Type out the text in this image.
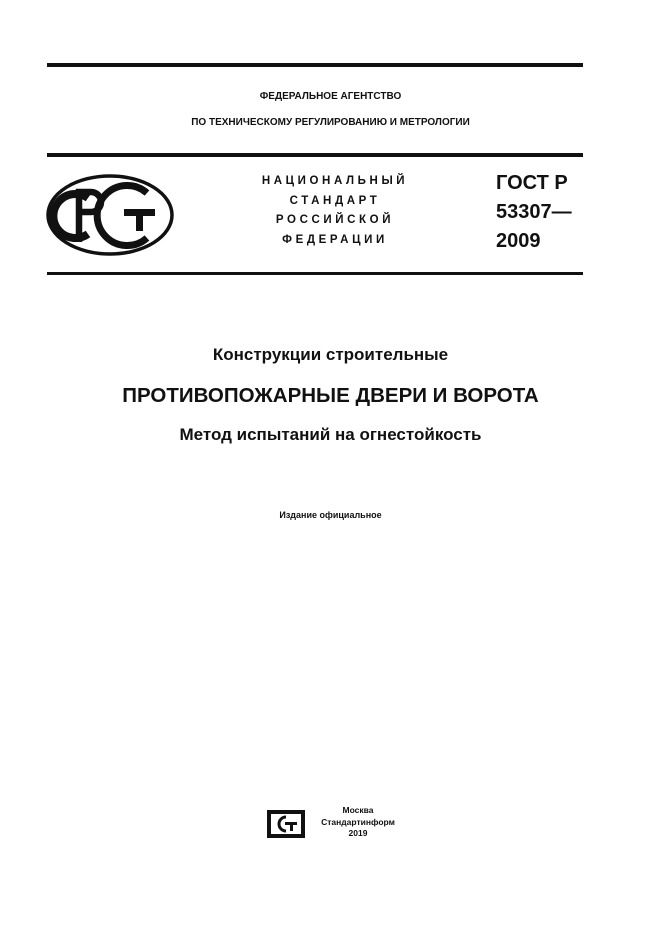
ФЕДЕРАЛЬНОЕ АГЕНТСТВО
ПО ТЕХНИЧЕСКОМУ РЕГУЛИРОВАНИЮ И МЕТРОЛОГИИ
НАЦИОНАЛЬНЫЙ
СТАНДАРТ
РОССИЙСКОЙ
ФЕДЕРАЦИИ
ГОСТ Р
53307—
2009
Конструкции строительные
ПРОТИВОПОЖАРНЫЕ ДВЕРИ И ВОРОТА
Метод испытаний на огнестойкость
Издание официальное
Москва
Стандартинформ
2019
